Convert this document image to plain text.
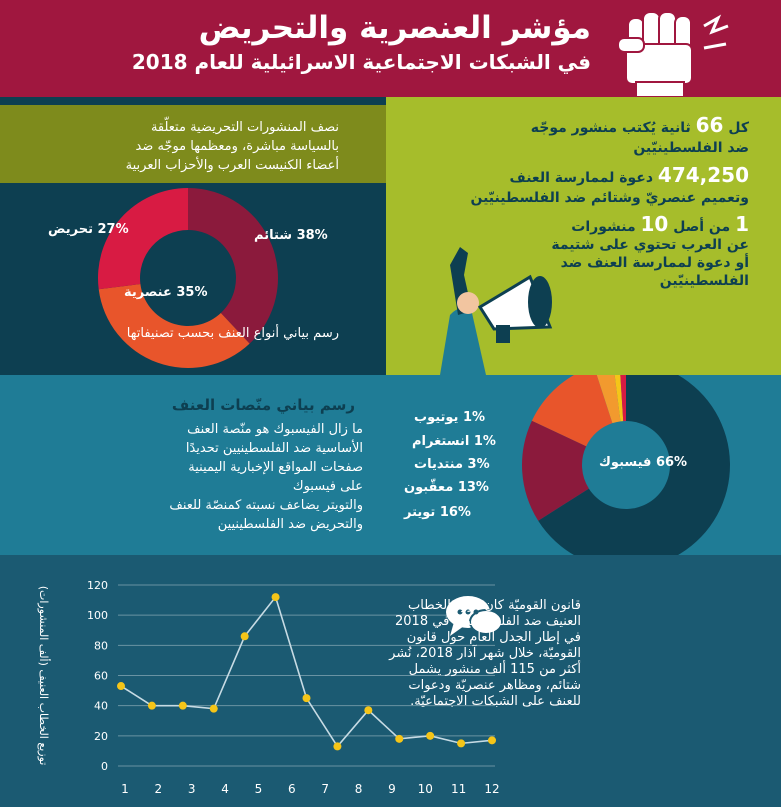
مؤشر العنصرية والتحريض
في الشبكات الاجتماعية الاسرائيلية للعام 2018
نصف المنشورات التحريضية متعلّقة
بالسياسة مباشرة، ومعظمها موجّه ضد
أعضاء الكنيست العرب والأحزاب العربية
38% شتائم
35% عنصرية
27% تحريض
رسم بياني أنواع العنف بحسب تصنيفاتها
كل 66 ثانية يُكتب منشور موجّه
ضد الفلسطينيّين
474,250 دعوة لممارسة العنف
وتعميم عنصريّ وشتائم ضد الفلسطينيّين
1 من أصل 10 منشورات
عن العرب تحتوي على شتيمة
أو دعوة لممارسة العنف ضد
الفلسطينيّين
رسم بياني منّصات العنف
ما زال الفيسبوك هو منّصة العنف
الأساسية ضد الفلسطينيين تحديدًا
صفحات المواقع الإخبارية اليمينية
على فيسبوك
والتويتر يضاعف نسبته كمنصّة للعنف
والتحريض ضد الفلسطينيين
66% فيسبوك
16% تويتر
13% معقّبون
3% منتديات
1% انستغرام
1% يوتيوب
0
20
40
60
80
100
120
1 2 3 4 5 6 7 8 9 10 11 12
توزيع الخطاب العنيف (ألف المنشورات)	قانون القوميّة كان ذروة الخطاب
العنيف ضد الفلسطينيين في 2018
في إطار الجدل العام حول قانون
القوميّة، خلال شهر آذار 2018، نُشر
أكثر من 115 ألف منشور يشمل
شتائم، ومظاهر عنصريّة ودعوات
للعنف على الشبكات الاجتماعيّة.
